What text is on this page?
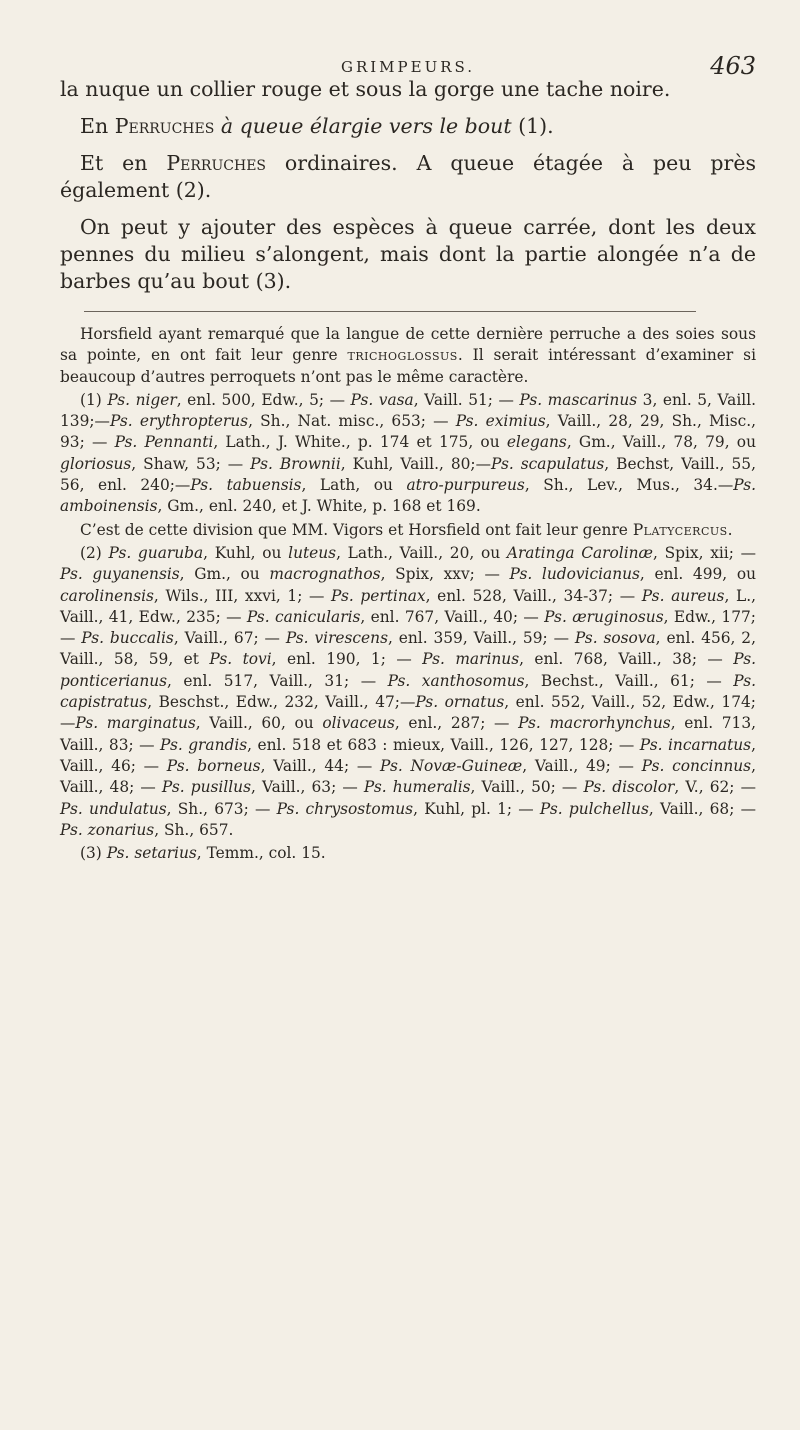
GRIMPEURS.	463

la nuque un collier rouge et sous la gorge une tache noire.

En Perruches à queue élargie vers le bout (1).

Et en Perruches ordinaires. A queue étagée à peu près également (2).

On peut y ajouter des espèces à queue carrée, dont les deux pennes du milieu s’alongent, mais dont la partie alongée n’a de barbes qu’au bout (3).

Horsfield ayant remarqué que la langue de cette dernière perruche a des soies sous sa pointe, en ont fait leur genre trichoglossus. Il serait intéressant d’examiner si beaucoup d’autres perroquets n’ont pas le même caractère.

(1) Ps. niger, enl. 500, Edw., 5; — Ps. vasa, Vaill. 51; — Ps. mascarinus 3, enl. 5, Vaill. 139;—Ps. erythropterus, Sh., Nat. misc., 653; — Ps. eximius, Vaill., 28, 29, Sh., Misc., 93; — Ps. Pennanti, Lath., J. White., p. 174 et 175, ou elegans, Gm., Vaill., 78, 79, ou gloriosus, Shaw, 53; — Ps. Brownii, Kuhl, Vaill., 80;—Ps. scapulatus, Bechst, Vaill., 55, 56, enl. 240;—Ps. tabuensis, Lath, ou atro-purpureus, Sh., Lev., Mus., 34.—Ps. amboinensis, Gm., enl. 240, et J. White, p. 168 et 169.

C’est de cette division que MM. Vigors et Horsfield ont fait leur genre Platycercus.

(2) Ps. guaruba, Kuhl, ou luteus, Lath., Vaill., 20, ou Aratinga Carolinæ, Spix, xii; — Ps. guyanensis, Gm., ou macrognathos, Spix, xxv; — Ps. ludovicianus, enl. 499, ou carolinensis, Wils., III, xxvi, 1; — Ps. pertinax, enl. 528, Vaill., 34-37; — Ps. aureus, L., Vaill., 41, Edw., 235; — Ps. canicularis, enl. 767, Vaill., 40; — Ps. æruginosus, Edw., 177; — Ps. buccalis, Vaill., 67; — Ps. virescens, enl. 359, Vaill., 59; — Ps. sosova, enl. 456, 2, Vaill., 58, 59, et Ps. tovi, enl. 190, 1; — Ps. marinus, enl. 768, Vaill., 38; — Ps. ponticerianus, enl. 517, Vaill., 31; — Ps. xanthosomus, Bechst., Vaill., 61; — Ps. capistratus, Beschst., Edw., 232, Vaill., 47;—Ps. ornatus, enl. 552, Vaill., 52, Edw., 174; —Ps. marginatus, Vaill., 60, ou olivaceus, enl., 287; — Ps. macrorhynchus, enl. 713, Vaill., 83; — Ps. grandis, enl. 518 et 683 : mieux, Vaill., 126, 127, 128; — Ps. incarnatus, Vaill., 46; — Ps. borneus, Vaill., 44; — Ps. Novæ-Guineæ, Vaill., 49; — Ps. concinnus, Vaill., 48; — Ps. pusillus, Vaill., 63; — Ps. humeralis, Vaill., 50; — Ps. discolor, V., 62; — Ps. undulatus, Sh., 673; — Ps. chrysostomus, Kuhl, pl. 1; — Ps. pulchellus, Vaill., 68; — Ps. zonarius, Sh., 657.

(3) Ps. setarius, Temm., col. 15.
